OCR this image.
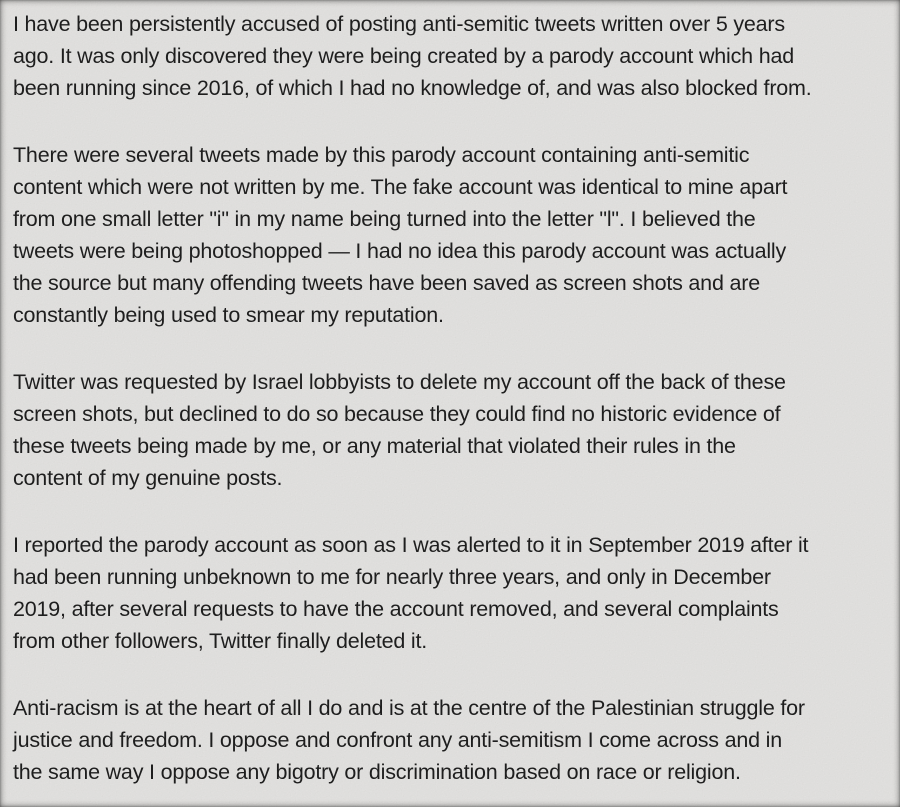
I have been persistently accused of posting anti-semitic tweets written over 5 years
ago. It was only discovered they were being created by a parody account which had
been running since 2016, of which I had no knowledge of, and was also blocked from.
There were several tweets made by this parody account containing anti-semitic
content which were not written by me. The fake account was identical to mine apart
from one small letter "i" in my name being turned into the letter "l". I believed the
tweets were being photoshopped — I had no idea this parody account was actually
the source but many offending tweets have been saved as screen shots and are
constantly being used to smear my reputation.
Twitter was requested by Israel lobbyists to delete my account off the back of these
screen shots, but declined to do so because they could find no historic evidence of
these tweets being made by me, or any material that violated their rules in the
content of my genuine posts.
I reported the parody account as soon as I was alerted to it in September 2019 after it
had been running unbeknown to me for nearly three years, and only in December
2019, after several requests to have the account removed, and several complaints
from other followers, Twitter finally deleted it.
Anti-racism is at the heart of all I do and is at the centre of the Palestinian struggle for
justice and freedom. I oppose and confront any anti-semitism I come across and in
the same way I oppose any bigotry or discrimination based on race or religion.
